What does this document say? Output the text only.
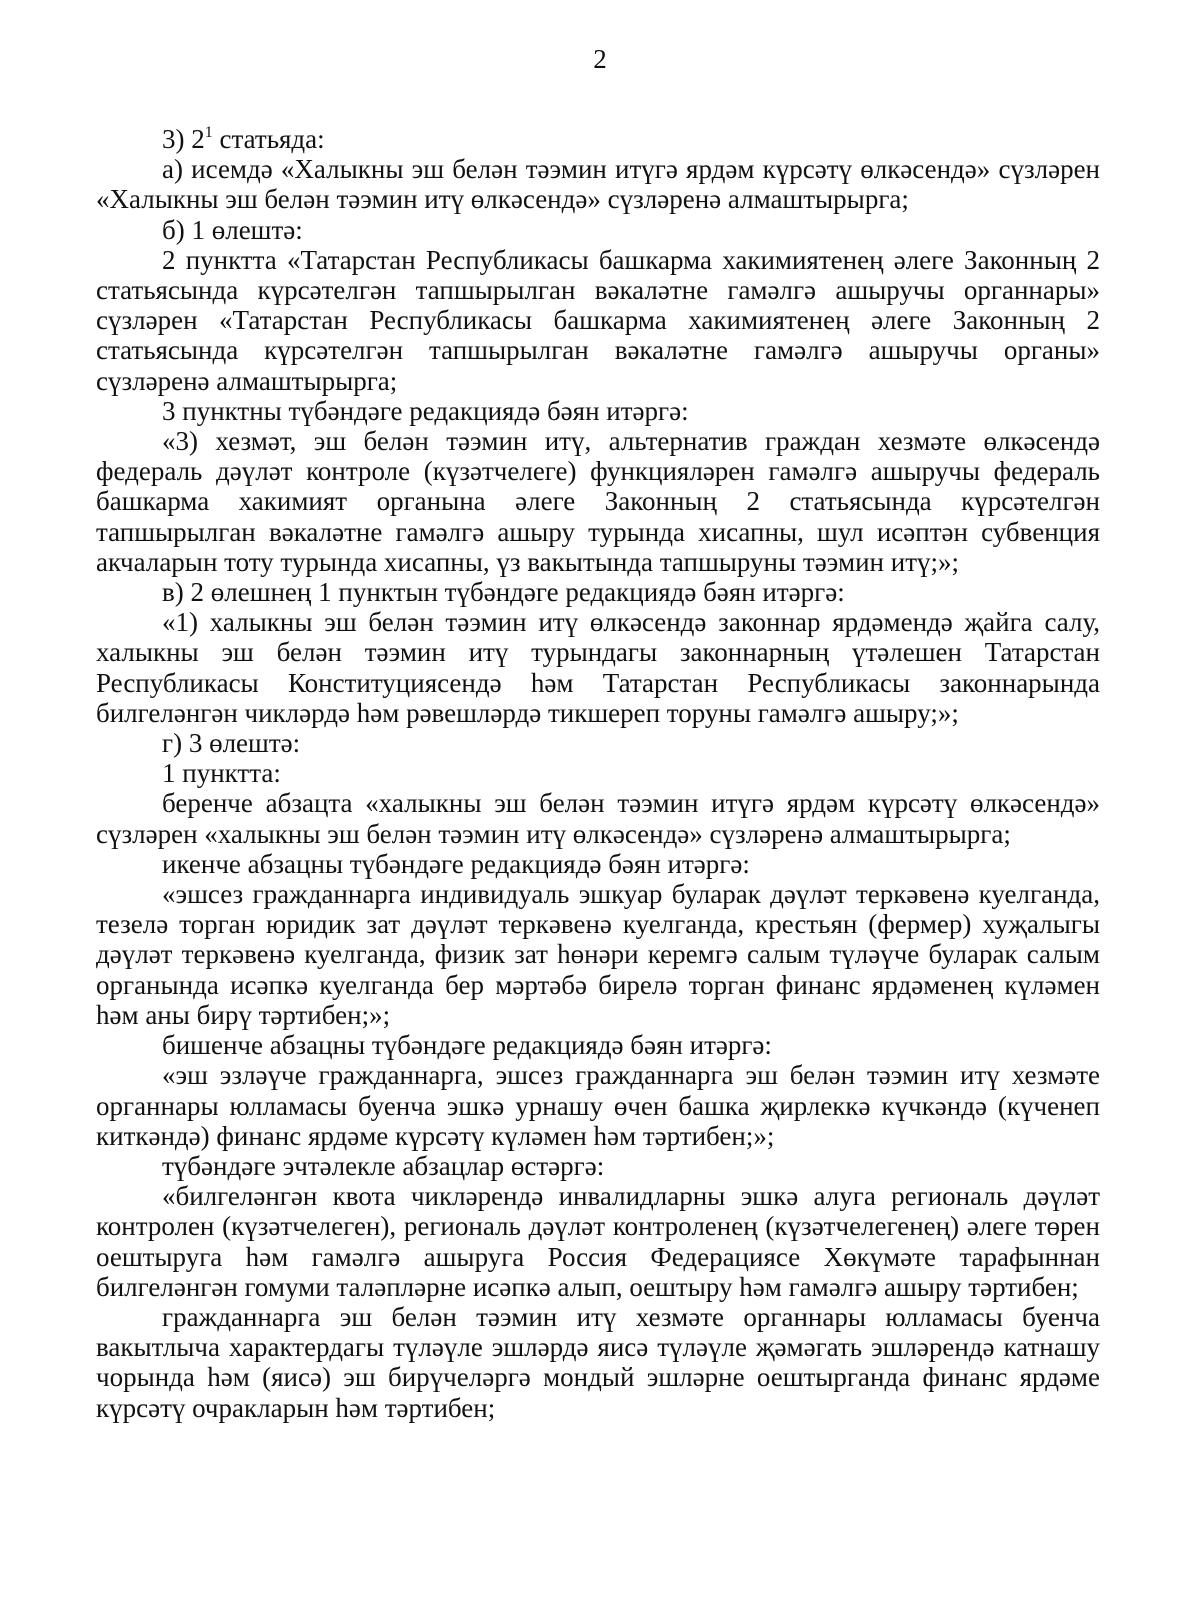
2

3) $2^1$ статьяда:

а) исемдә «Халыкны эш белән тәэмин итүгә ярдәм күрсәтү өлкәсендә» сүзләрен «Халыкны эш белән тәэмин итү өлкәсендә» сүзләренә алмаштырырга;

б) 1 өлештә:

2 пунктта «Татарстан Республикасы башкарма хакимиятенең әлеге Законның 2 статьясында күрсәтелгән тапшырылган вәкаләтне гамәлгә ашыручы органнары» сүзләрен «Татарстан Республикасы башкарма хакимиятенең әлеге Законның 2 статьясында күрсәтелгән тапшырылган вәкаләтне гамәлгә ашыручы органы» сүзләренә алмаштырырга;

3 пунктны түбәндәге редакциядә бәян итәргә:

«3) хезмәт, эш белән тәэмин итү, альтернатив граждан хезмәте өлкәсендә федераль дәүләт контроле (күзәтчелеге) функцияләрен гамәлгә ашыручы федераль башкарма хакимият органына әлеге Законның 2 статьясында күрсәтелгән тапшырылган вәкаләтне гамәлгә ашыру турында хисапны, шул исәптән субвенция акчаларын тоту турында хисапны, үз вакытында тапшыруны тәэмин итү;»;

в) 2 өлешнең 1 пунктын түбәндәге редакциядә бәян итәргә:

«1) халыкны эш белән тәэмин итү өлкәсендә законнар ярдәмендә җайга салу, халыкны эш белән тәэмин итү турындагы законнарның үтәлешен Татарстан Республикасы Конституциясендә һәм Татарстан Республикасы законнарында билгеләнгән чикләрдә һәм рәвешләрдә тикшереп торуны гамәлгә ашыру;»;

г) 3 өлештә:

1 пунктта:

беренче абзацта «халыкны эш белән тәэмин итүгә ярдәм күрсәтү өлкәсендә» сүзләрен «халыкны эш белән тәэмин итү өлкәсендә» сүзләренә алмаштырырга;

икенче абзацны түбәндәге редакциядә бәян итәргә:

«эшсез гражданнарга индивидуаль эшкуар буларак дәүләт теркәвенә куелганда, тезелә торган юридик зат дәүләт теркәвенә куелганда, крестьян (фермер) хуҗалыгы дәүләт теркәвенә куелганда, физик зат һөнәри керемгә салым түләүче буларак салым органында исәпкә куелганда бер мәртәбә бирелә торган финанс ярдәменең күләмен һәм аны бирү тәртибен;»;

бишенче абзацны түбәндәге редакциядә бәян итәргә:

«эш эзләүче гражданнарга, эшсез гражданнарга эш белән тәэмин итү хезмәте органнары юлламасы буенча эшкә урнашу өчен башка җирлеккә күчкәндә (күченеп киткәндә) финанс ярдәме күрсәтү күләмен һәм тәртибен;»;

түбәндәге эчтәлекле абзацлар өстәргә:

«билгеләнгән квота чикләрендә инвалидларны эшкә алуга региональ дәүләт контролен (күзәтчелеген), региональ дәүләт контроленең (күзәтчелегенең) әлеге төрен оештыруга һәм гамәлгә ашыруга Россия Федерациясе Хөкүмәте тарафыннан билгеләнгән гомуми таләпләрне исәпкә алып, оештыру һәм гамәлгә ашыру тәртибен;

гражданнарга эш белән тәэмин итү хезмәте органнары юлламасы буенча вакытлыча характердагы түләүле эшләрдә яисә түләүле җәмәгать эшләрендә катнашу чорында һәм (яисә) эш бирүчеләргә мондый эшләрне оештырганда финанс ярдәме күрсәтү очракларын һәм тәртибен;
